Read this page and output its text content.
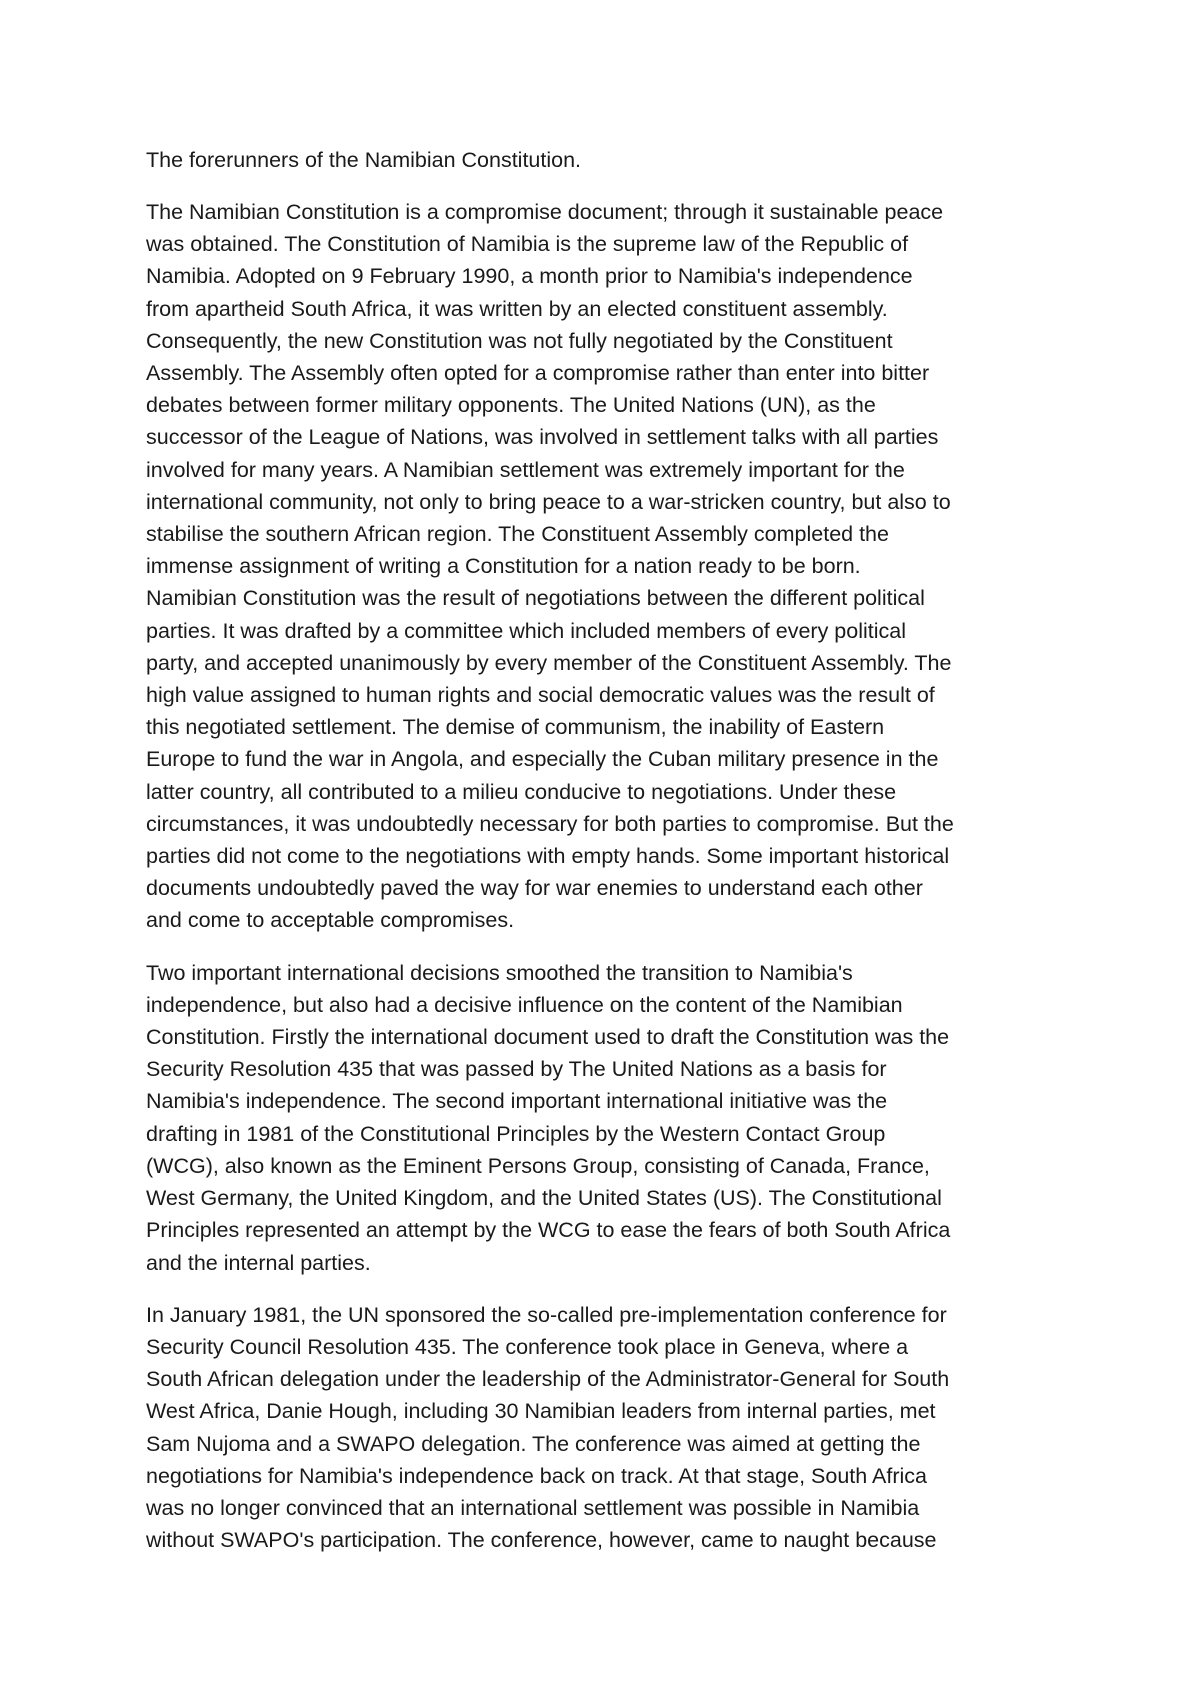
The forerunners of the Namibian Constitution.

The Namibian Constitution is a compromise document; through it sustainable peace
was obtained. The Constitution of Namibia is the supreme law of the Republic of
Namibia. Adopted on 9 February 1990, a month prior to Namibia's independence
from apartheid South Africa, it was written by an elected constituent assembly.
Consequently, the new Constitution was not fully negotiated by the Constituent
Assembly. The Assembly often opted for a compromise rather than enter into bitter
debates between former military opponents. The United Nations (UN), as the
successor of the League of Nations, was involved in settlement talks with all parties
involved for many years. A Namibian settlement was extremely important for the
international community, not only to bring peace to a war-stricken country, but also to
stabilise the southern African region. The Constituent Assembly completed the
immense assignment of writing a Constitution for a nation ready to be born.
Namibian Constitution was the result of negotiations between the different political
parties. It was drafted by a committee which included members of every political
party, and accepted unanimously by every member of the Constituent Assembly. The
high value assigned to human rights and social democratic values was the result of
this negotiated settlement. The demise of communism, the inability of Eastern
Europe to fund the war in Angola, and especially the Cuban military presence in the
latter country, all contributed to a milieu conducive to negotiations. Under these
circumstances, it was undoubtedly necessary for both parties to compromise. But the
parties did not come to the negotiations with empty hands. Some important historical
documents undoubtedly paved the way for war enemies to understand each other
and come to acceptable compromises.

Two important international decisions smoothed the transition to Namibia's
independence, but also had a decisive influence on the content of the Namibian
Constitution. Firstly the international document used to draft the Constitution was the
Security Resolution 435 that was passed by The United Nations as a basis for
Namibia's independence. The second important international initiative was the
drafting in 1981 of the Constitutional Principles by the Western Contact Group
(WCG), also known as the Eminent Persons Group, consisting of Canada, France,
West Germany, the United Kingdom, and the United States (US). The Constitutional
Principles represented an attempt by the WCG to ease the fears of both South Africa
and the internal parties.

In January 1981, the UN sponsored the so-called pre-implementation conference for
Security Council Resolution 435. The conference took place in Geneva, where a
South African delegation under the leadership of the Administrator-General for South
West Africa, Danie Hough, including 30 Namibian leaders from internal parties, met
Sam Nujoma and a SWAPO delegation. The conference was aimed at getting the
negotiations for Namibia's independence back on track. At that stage, South Africa
was no longer convinced that an international settlement was possible in Namibia
without SWAPO's participation. The conference, however, came to naught because
